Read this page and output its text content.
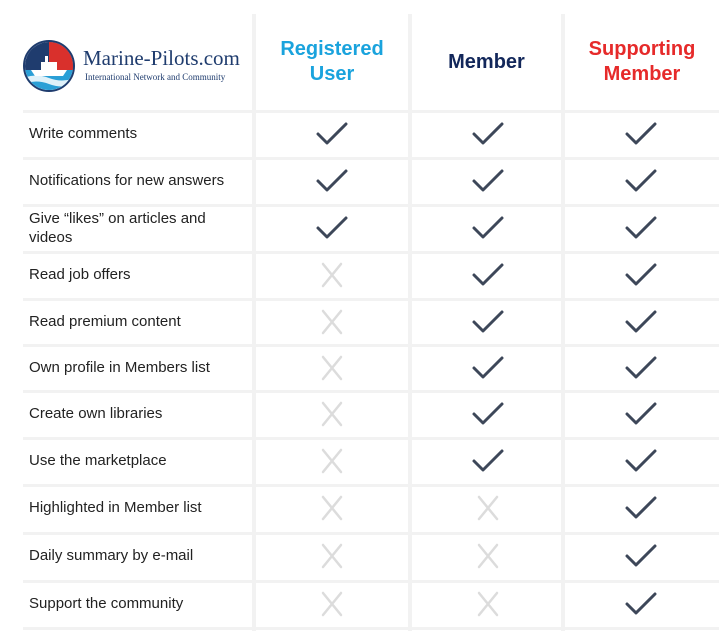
Marine-Pilots.com
International Network and Community
Registered
User
Member
Supporting
Member
Write comments
Notifications for new answers
Give “likes” on articles and videos
Read job offers
Read premium content
Own profile in Members list
Create own libraries
Use the marketplace
Highlighted in Member list
Daily summary by e-mail
Support the community
